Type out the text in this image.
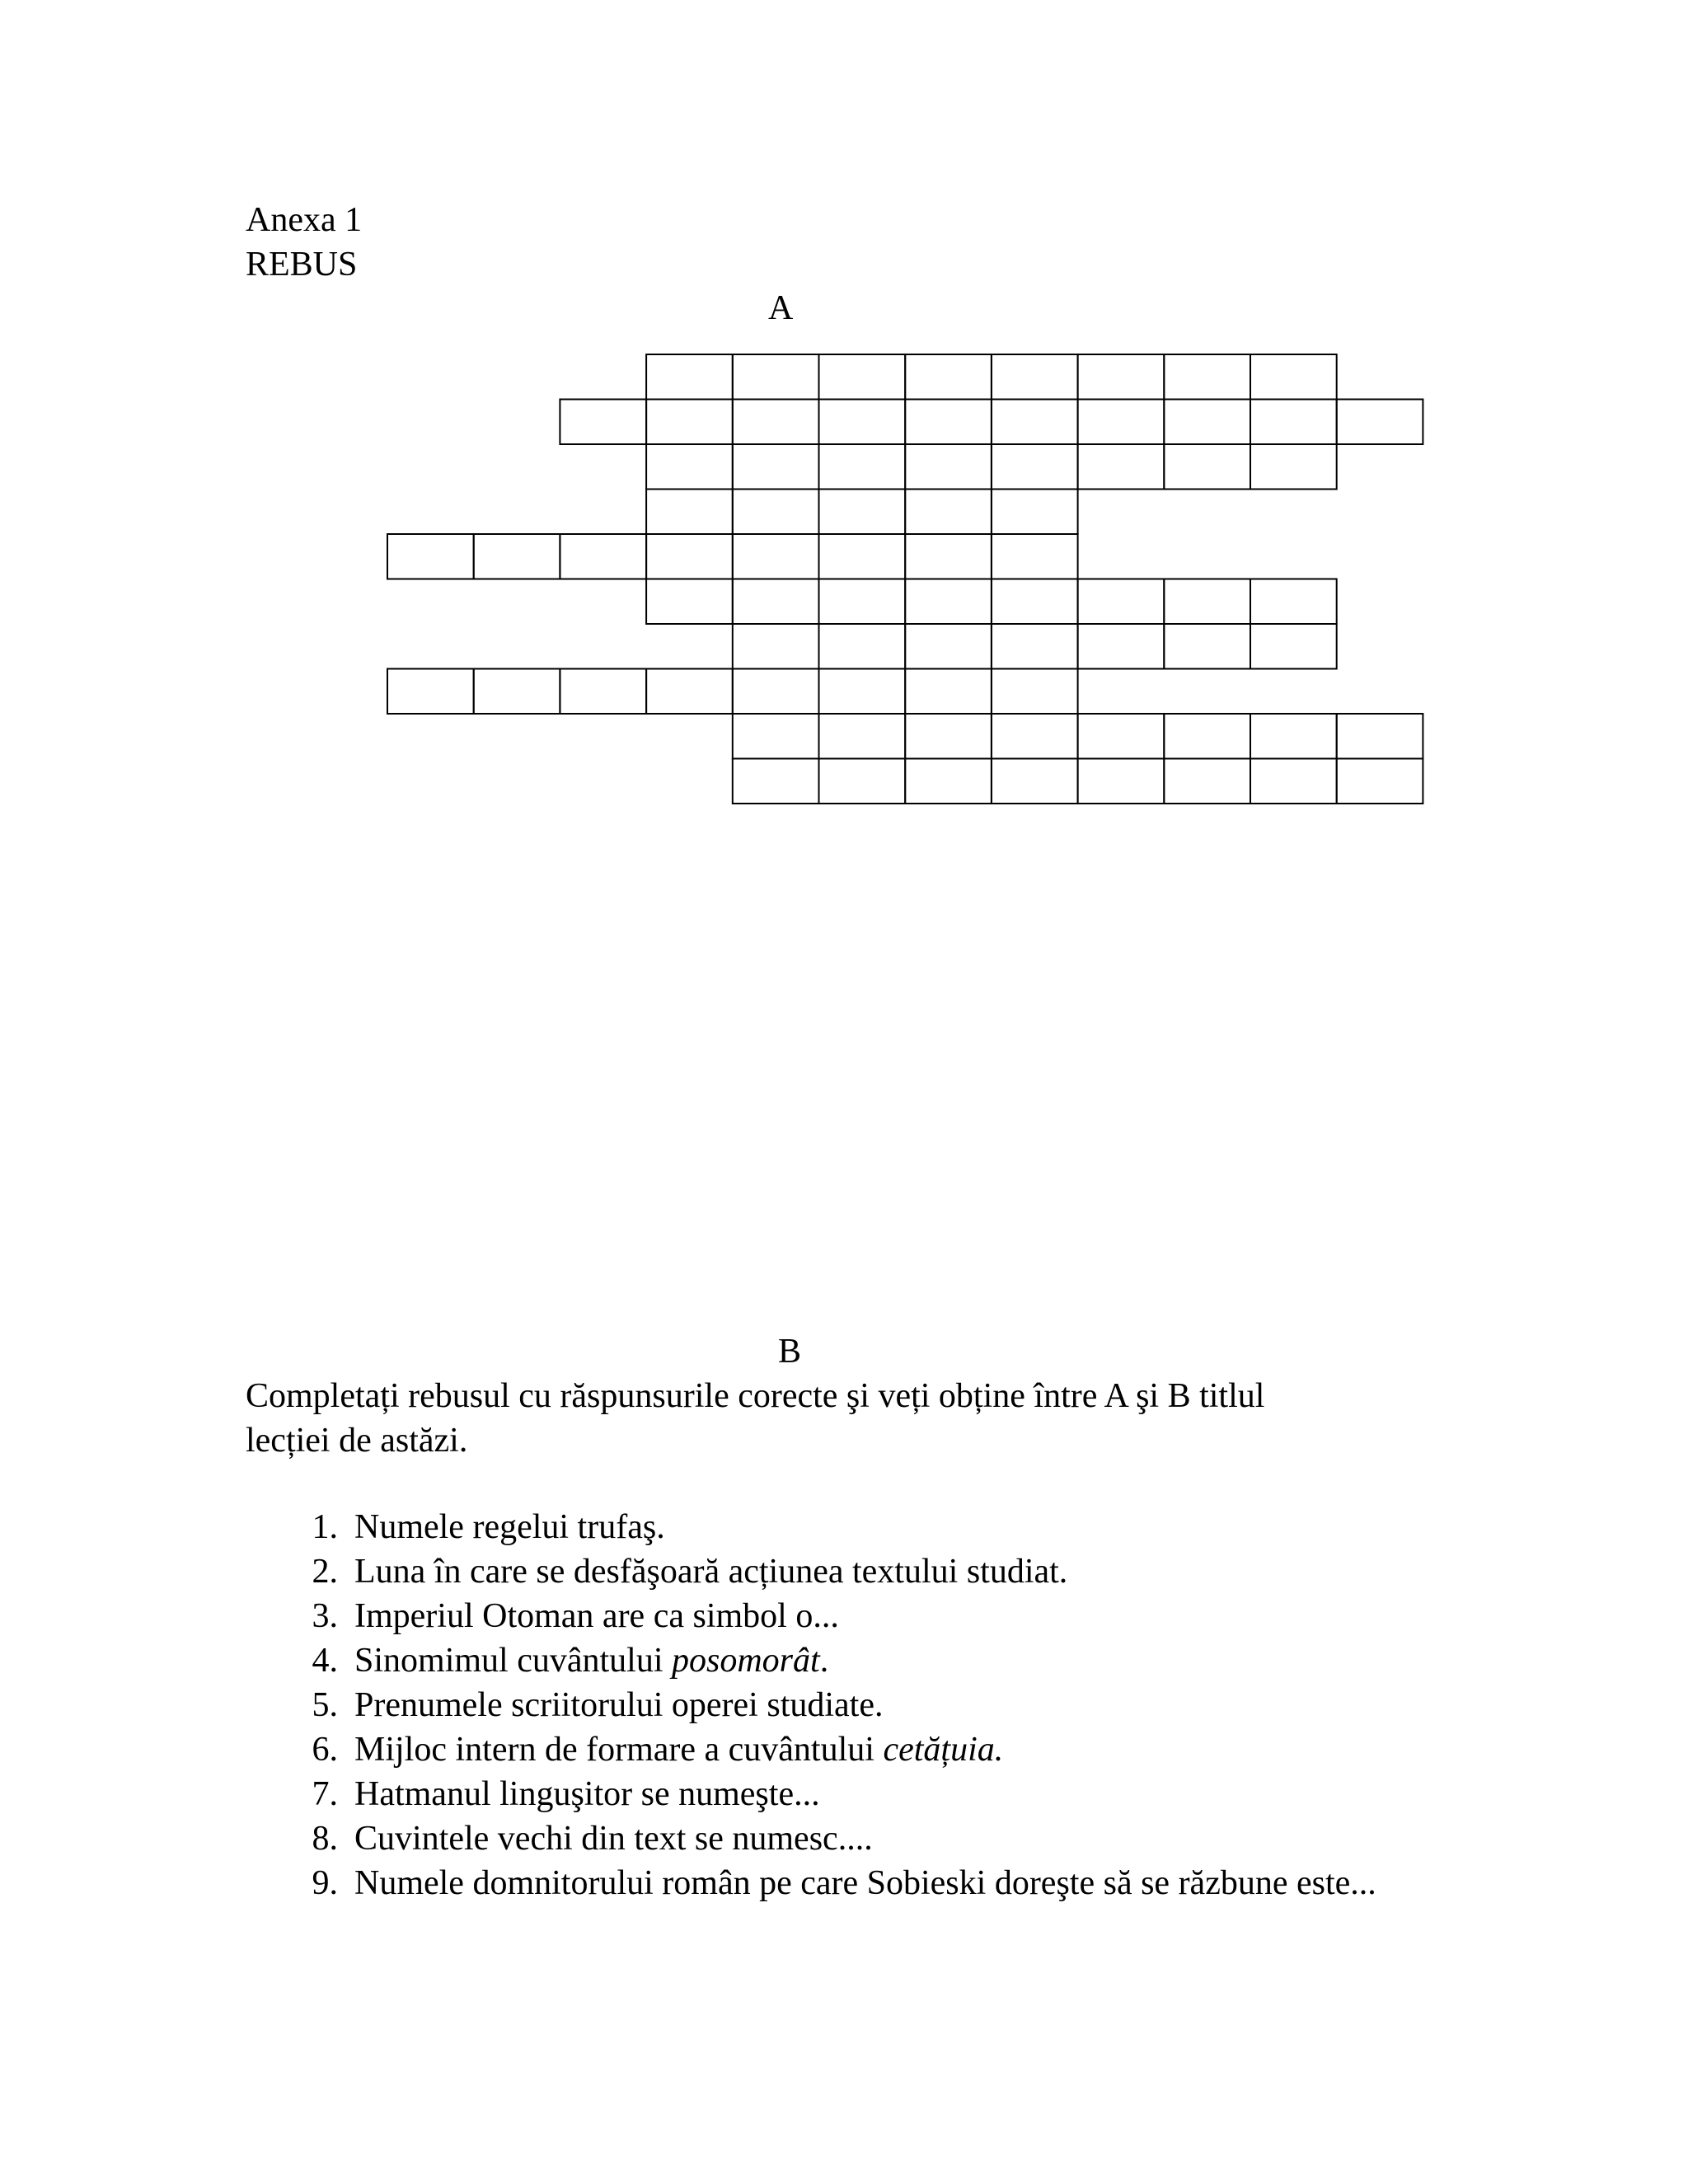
Anexa 1
REBUS
A
B
Completați rebusul cu răspunsurile corecte şi veți obține între A şi B titlul
lecției de astăzi.
1. Numele regelui trufaş.
2. Luna în care se desfăşoară acțiunea textului studiat.
3. Imperiul Otoman are ca simbol o...
4. Sinomimul cuvântului posomorât.
5. Prenumele scriitorului operei studiate.
6. Mijloc intern de formare a cuvântului cetățuia.
7. Hatmanul linguşitor se numeşte...
8. Cuvintele vechi din text se numesc....
9. Numele domnitorului român pe care Sobieski doreşte să se răzbune este...
